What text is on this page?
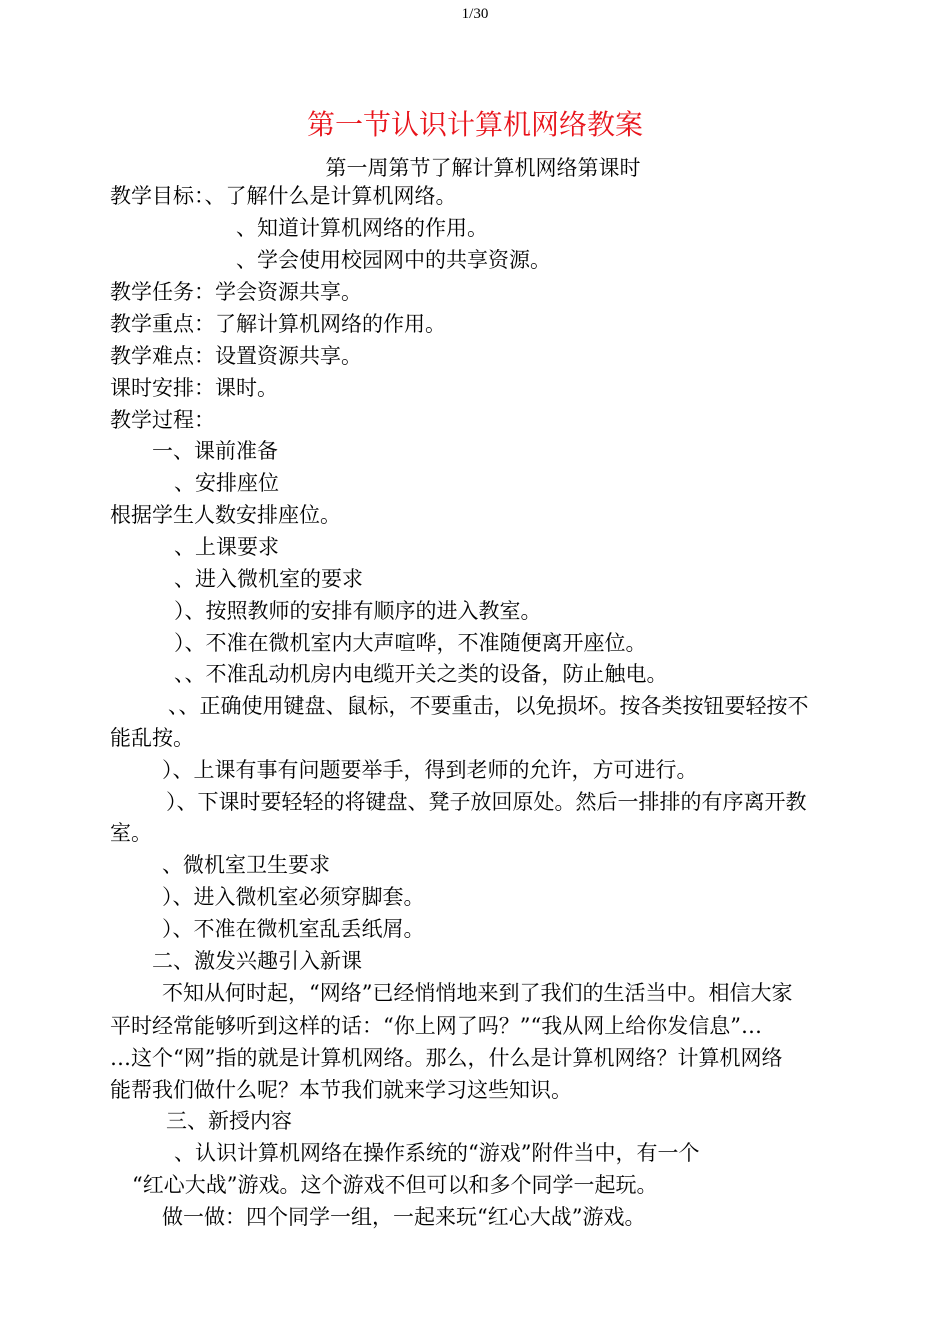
1/30
第一节认识计算机网络教案
第一周第节了解计算机网络第课时
教学目标：、了解什么是计算机网络。
、知道计算机网络的作用。
、学会使用校园网中的共享资源。
教学任务：学会资源共享。
教学重点：了解计算机网络的作用。
教学难点：设置资源共享。
课时安排：课时。
教学过程：
一、课前准备
、安排座位
根据学生人数安排座位。
、上课要求
、进入微机室的要求
）、按照教师的安排有顺序的进入教室。
）、不准在微机室内大声喧哗，不准随便离开座位。
、、不准乱动机房内电缆开关之类的设备，防止触电。
、、正确使用键盘、鼠标，不要重击，以免损坏。按各类按钮要轻按不
能乱按。
）、上课有事有问题要举手，得到老师的允许，方可进行。
）、下课时要轻轻的将键盘、凳子放回原处。然后一排排的有序离开教
室。
、微机室卫生要求
）、进入微机室必须穿脚套。
）、不准在微机室乱丢纸屑。
二、激发兴趣引入新课
不知从何时起，“网络”已经悄悄地来到了我们的生活当中。相信大家
平时经常能够听到这样的话：“你上网了吗？”“我从网上给你发信息”…
…这个“网”指的就是计算机网络。那么，什么是计算机网络？计算机网络
能帮我们做什么呢？本节我们就来学习这些知识。
三、新授内容
、认识计算机网络在操作系统的“游戏”附件当中，有一个
“红心大战”游戏。这个游戏不但可以和多个同学一起玩。
做一做：四个同学一组，一起来玩“红心大战”游戏。
